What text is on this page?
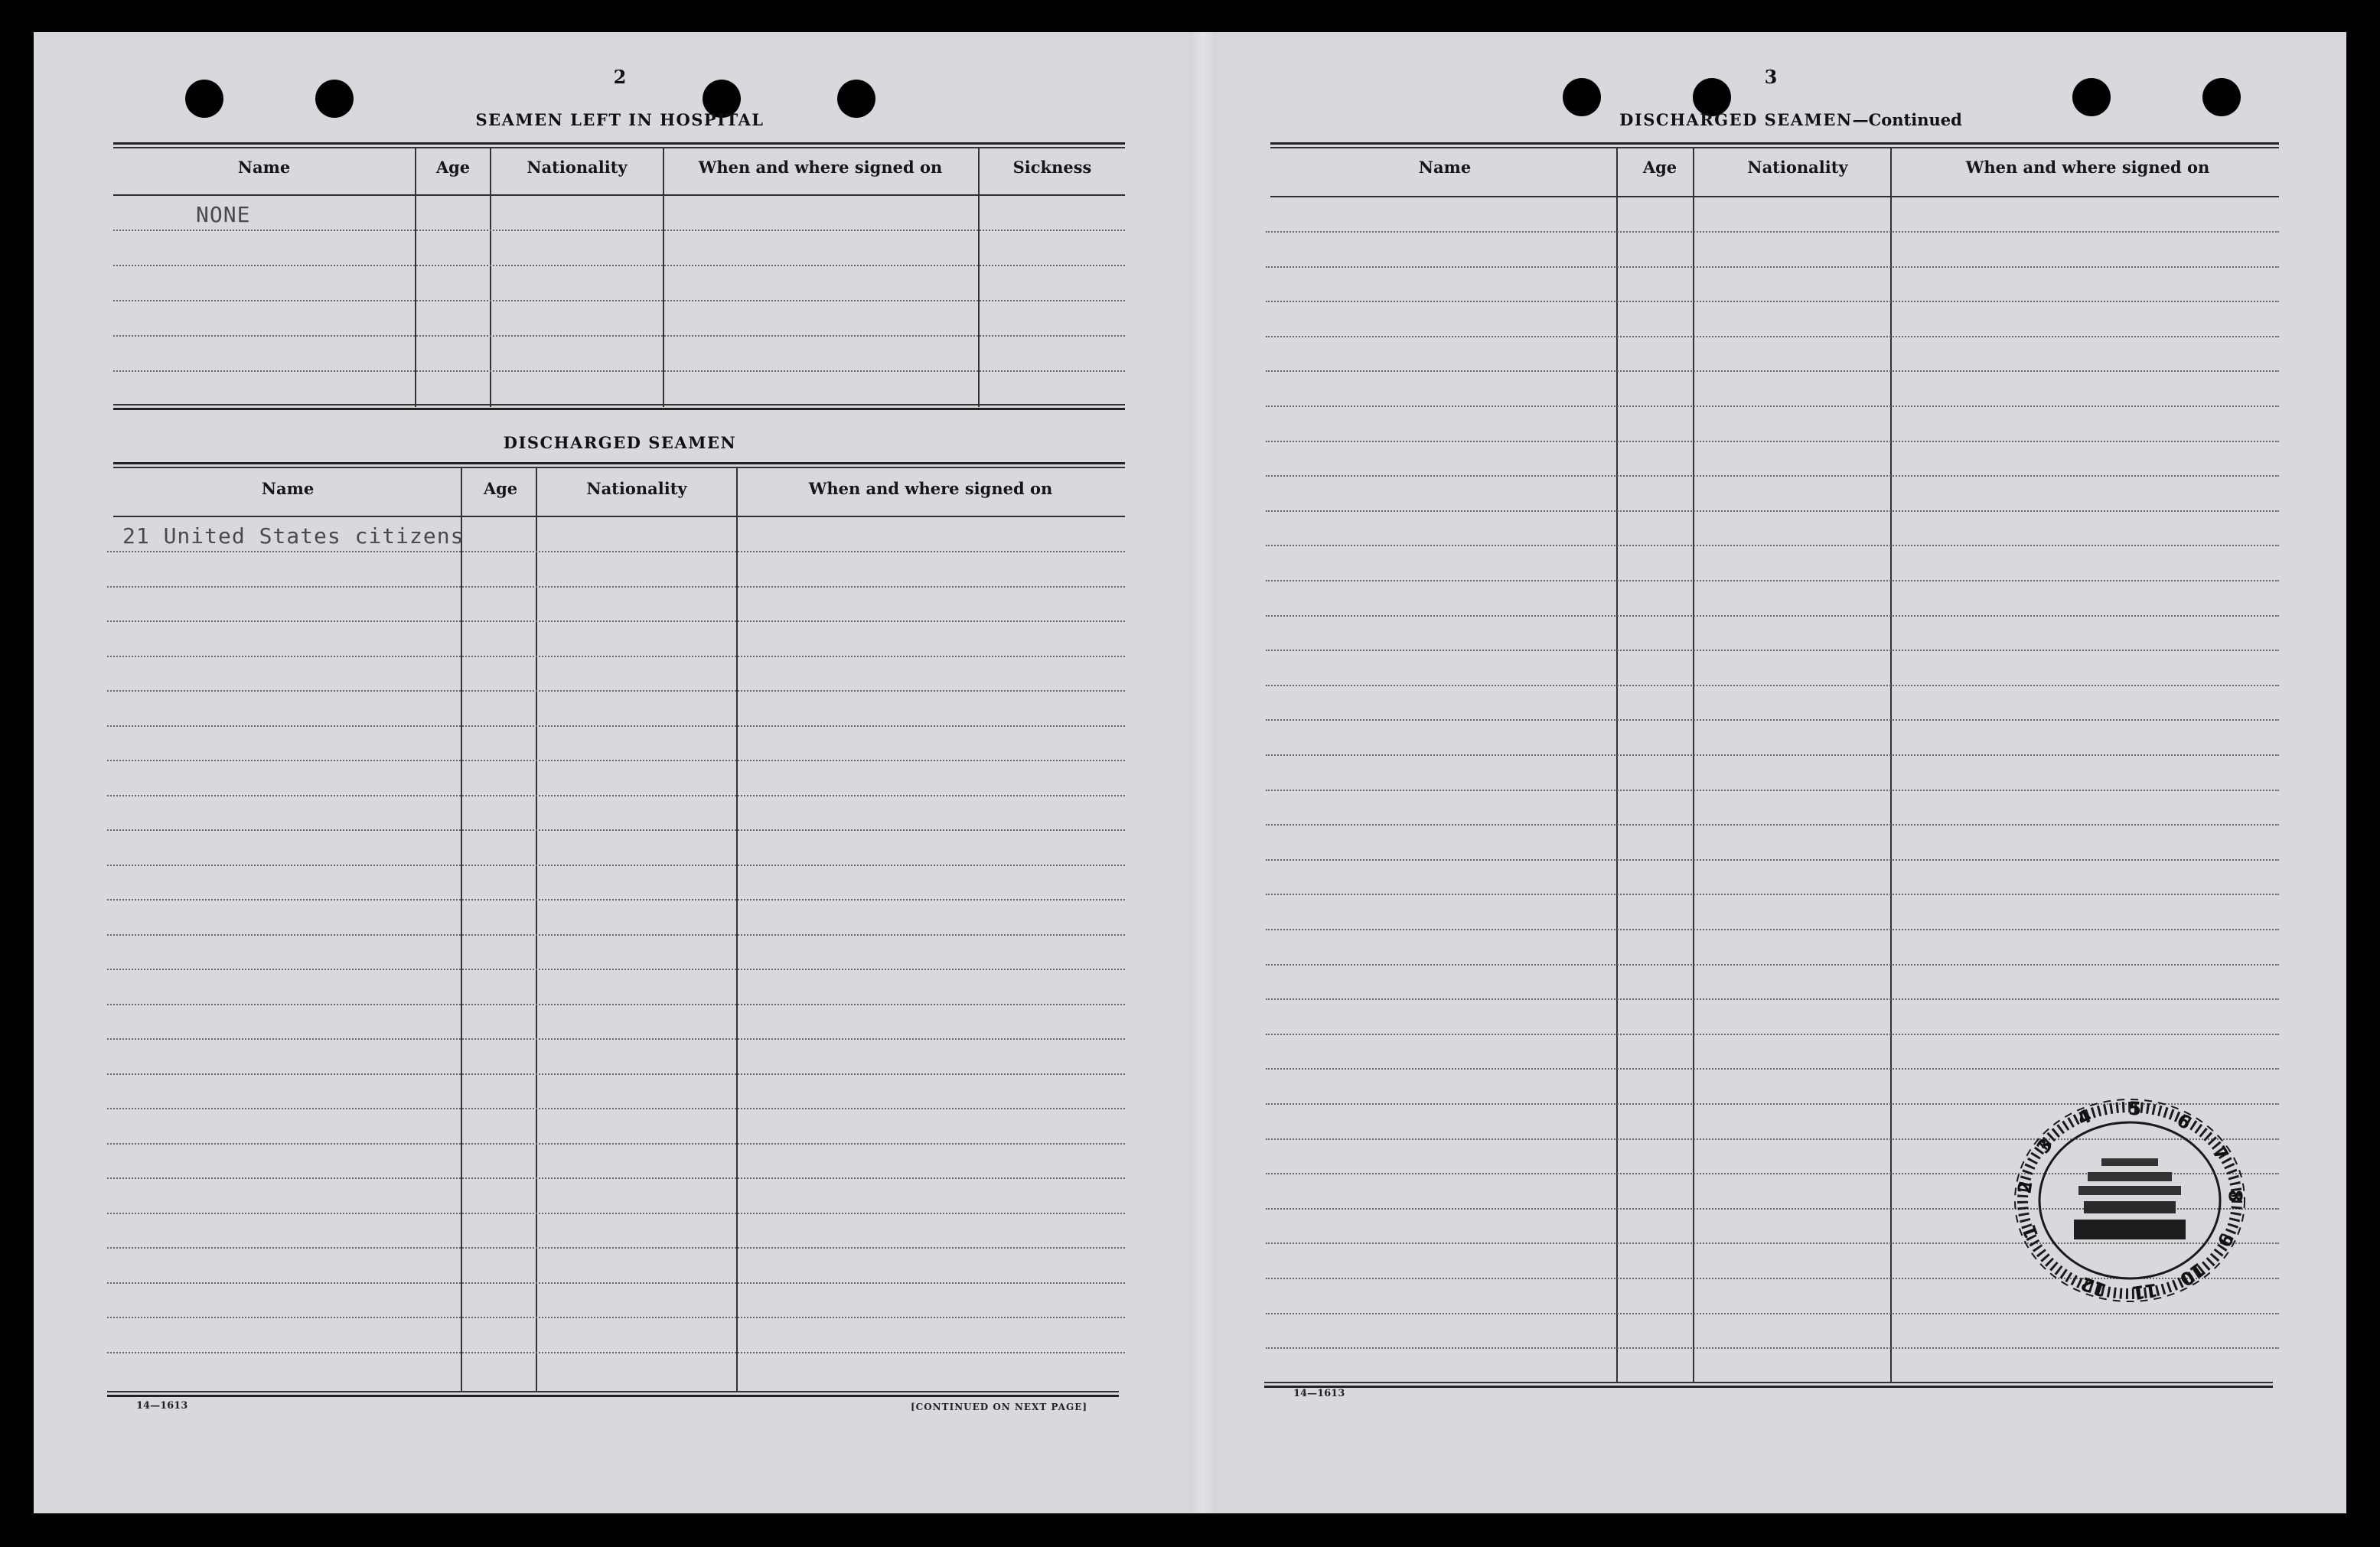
2
SEAMEN LEFT IN HOSPITAL
Name	Age	Nationality	When and where signed on	Sickness
NONE
DISCHARGED SEAMEN
Name	Age	Nationality	When and where signed on
21 United States citizens
14—1613	[CONTINUED ON NEXT PAGE]
3
DISCHARGED SEAMEN—Continued
Name	Age	Nationality	When and where signed on
14—1613
1
2
3
4 5
6
7
8
9
10
11
12
